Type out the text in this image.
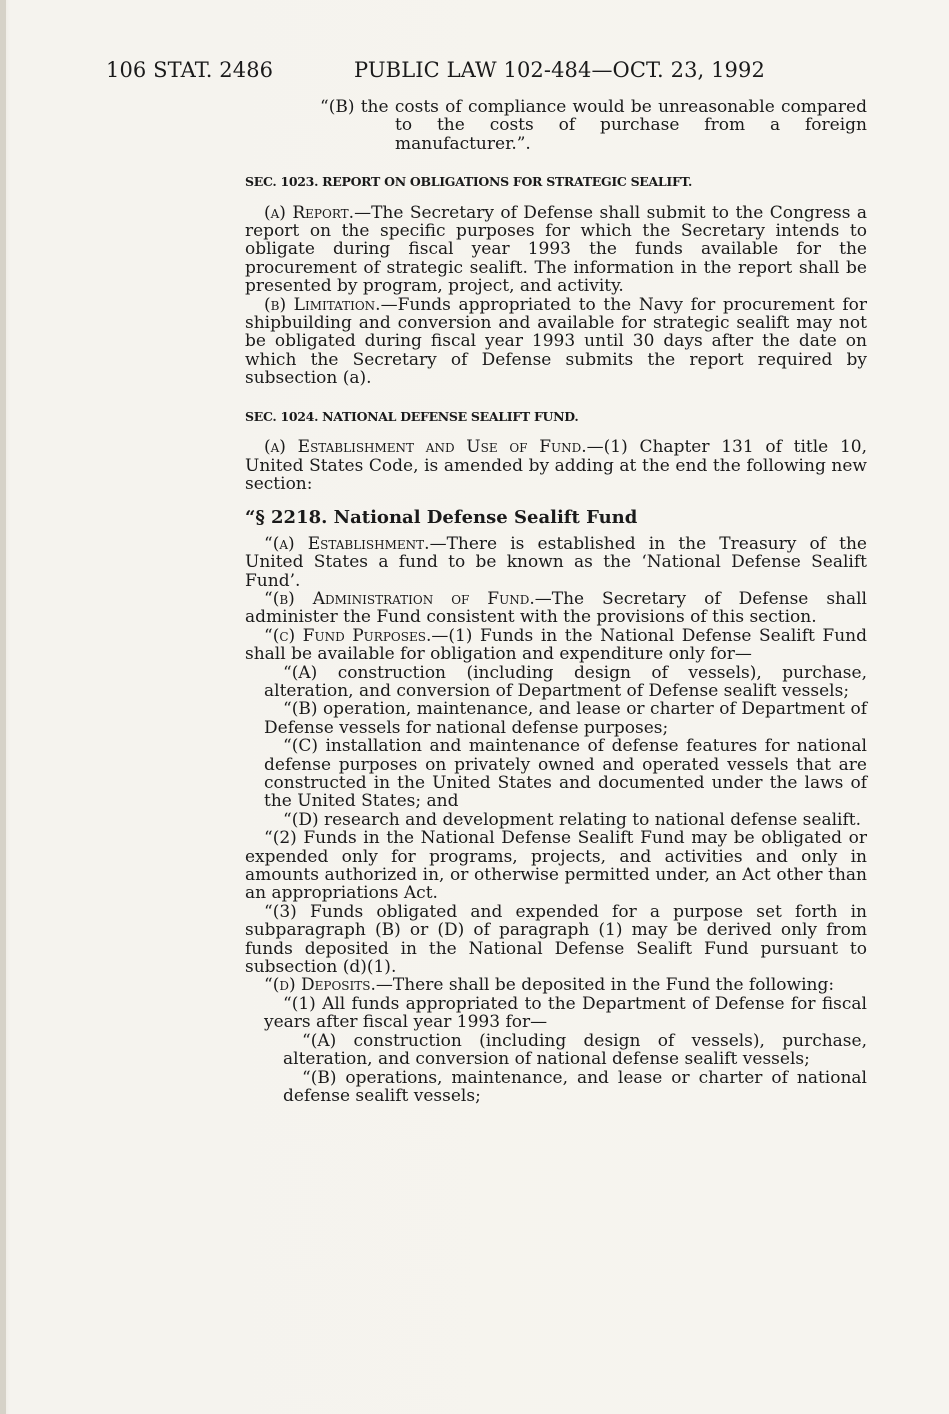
106 STAT. 2486	PUBLIC LAW 102-484—OCT. 23, 1992

“(B) the costs of compliance would be unreasonable compared to the costs of purchase from a foreign manufacturer.”.

SEC. 1023. REPORT ON OBLIGATIONS FOR STRATEGIC SEALIFT.

(a) Report.—The Secretary of Defense shall submit to the Congress a report on the specific purposes for which the Secretary intends to obligate during fiscal year 1993 the funds available for the procurement of strategic sealift. The information in the report shall be presented by program, project, and activity.

(b) Limitation.—Funds appropriated to the Navy for procurement for shipbuilding and conversion and available for strategic sealift may not be obligated during fiscal year 1993 until 30 days after the date on which the Secretary of Defense submits the report required by subsection (a).

SEC. 1024. NATIONAL DEFENSE SEALIFT FUND.

(a) Establishment and Use of Fund.—(1) Chapter 131 of title 10, United States Code, is amended by adding at the end the following new section:

“§ 2218. National Defense Sealift Fund

“(a) Establishment.—There is established in the Treasury of the United States a fund to be known as the ‘National Defense Sealift Fund’.

“(b) Administration of Fund.—The Secretary of Defense shall administer the Fund consistent with the provisions of this section.

“(c) Fund Purposes.—(1) Funds in the National Defense Sealift Fund shall be available for obligation and expenditure only for—

“(A) construction (including design of vessels), purchase, alteration, and conversion of Department of Defense sealift vessels;

“(B) operation, maintenance, and lease or charter of Department of Defense vessels for national defense purposes;

“(C) installation and maintenance of defense features for national defense purposes on privately owned and operated vessels that are constructed in the United States and documented under the laws of the United States; and

“(D) research and development relating to national defense sealift.

“(2) Funds in the National Defense Sealift Fund may be obligated or expended only for programs, projects, and activities and only in amounts authorized in, or otherwise permitted under, an Act other than an appropriations Act.

“(3) Funds obligated and expended for a purpose set forth in subparagraph (B) or (D) of paragraph (1) may be derived only from funds deposited in the National Defense Sealift Fund pursuant to subsection (d)(1).

“(d) Deposits.—There shall be deposited in the Fund the following:

“(1) All funds appropriated to the Department of Defense for fiscal years after fiscal year 1993 for—

“(A) construction (including design of vessels), purchase, alteration, and conversion of national defense sealift vessels;

“(B) operations, maintenance, and lease or charter of national defense sealift vessels;
